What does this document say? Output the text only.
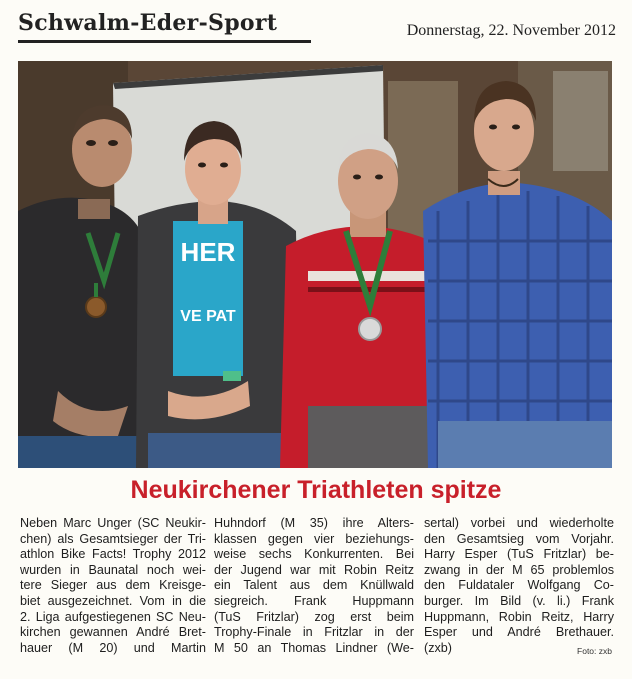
Schwalm-Eder-Sport	Donnerstag, 22. November 2012
HER
VE PAT
Neukirchener Triathleten spitze
Neben Marc Unger (SC Neukir-
chen) als Gesamtsieger der Tri-
athlon Bike Facts! Trophy 2012
wurden in Baunatal noch wei-
tere Sieger aus dem Kreisge-
biet ausgezeichnet. Vom in die
2. Liga aufgestiegenen SC Neu-
kirchen gewannen André Bret-
hauer (M 20) und Martin
Huhndorf (M 35) ihre Alters-
klassen gegen vier beziehungs-
weise sechs Konkurrenten. Bei
der Jugend war mit Robin Reitz
ein Talent aus dem Knüllwald
siegreich. Frank Huppmann
(TuS Fritzlar) zog erst beim
Trophy-Finale in Fritzlar in der
M 50 an Thomas Lindner (We-
sertal) vorbei und wiederholte
den Gesamtsieg vom Vorjahr.
Harry Esper (TuS Fritzlar) be-
zwang in der M 65 problemlos
den Fuldataler Wolfgang Co-
burger. Im Bild (v. li.) Frank
Huppmann, Robin Reitz, Harry
Esper und André Brethauer.
(zxb)	Foto: zxb
